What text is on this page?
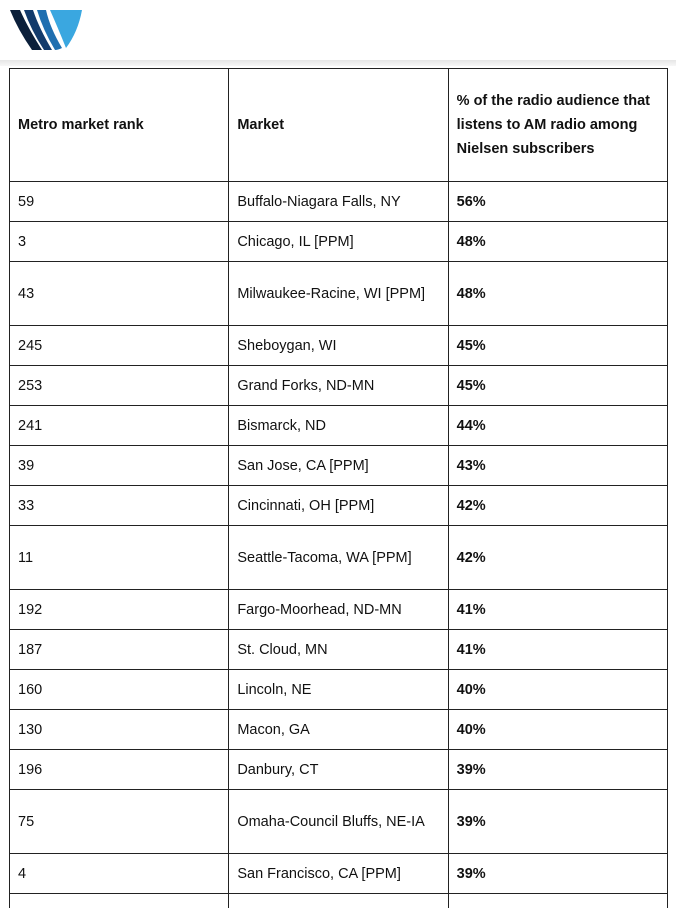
Metro market rank	Market	% of the radio audience that listens to AM radio among Nielsen subscribers
59	Buffalo-Niagara Falls, NY	56%
3	Chicago, IL [PPM]	48%
43	Milwaukee-Racine, WI [PPM]	48%
245	Sheboygan, WI	45%
253	Grand Forks, ND-MN	45%
241	Bismarck, ND	44%
39	San Jose, CA [PPM]	43%
33	Cincinnati, OH [PPM]	42%
11	Seattle-Tacoma, WA [PPM]	42%
192	Fargo-Moorhead, ND-MN	41%
187	St. Cloud, MN	41%
160	Lincoln, NE	40%
130	Macon, GA	40%
196	Danbury, CT	39%
75	Omaha-Council Bluffs, NE-IA	39%
4	San Francisco, CA [PPM]	39%
